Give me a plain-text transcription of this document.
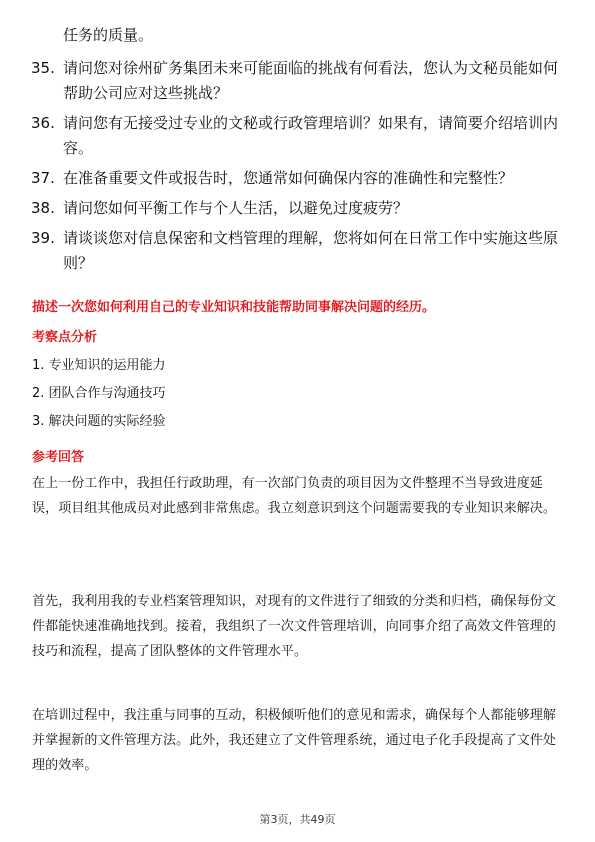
任务的质量。
35. 请问您对徐州矿务集团未来可能面临的挑战有何看法，您认为文秘员能如何帮助公司应对这些挑战？
36. 请问您有无接受过专业的文秘或行政管理培训？如果有，请简要介绍培训内容。
37. 在准备重要文件或报告时，您通常如何确保内容的准确性和完整性？
38. 请问您如何平衡工作与个人生活，以避免过度疲劳？
39. 请谈谈您对信息保密和文档管理的理解，您将如何在日常工作中实施这些原则？
描述一次您如何利用自己的专业知识和技能帮助同事解决问题的经历。
考察点分析
1. 专业知识的运用能力
2. 团队合作与沟通技巧
3. 解决问题的实际经验
参考回答
在上一份工作中，我担任行政助理，有一次部门负责的项目因为文件整理不当导致进度延误，项目组其他成员对此感到非常焦虑。我立刻意识到这个问题需要我的专业知识来解决。
首先，我利用我的专业档案管理知识，对现有的文件进行了细致的分类和归档，确保每份文件都能快速准确地找到。接着，我组织了一次文件管理培训，向同事介绍了高效文件管理的技巧和流程，提高了团队整体的文件管理水平。
在培训过程中，我注重与同事的互动，积极倾听他们的意见和需求，确保每个人都能够理解并掌握新的文件管理方法。此外，我还建立了文件管理系统，通过电子化手段提高了文件处理的效率。
第3页，共49页
